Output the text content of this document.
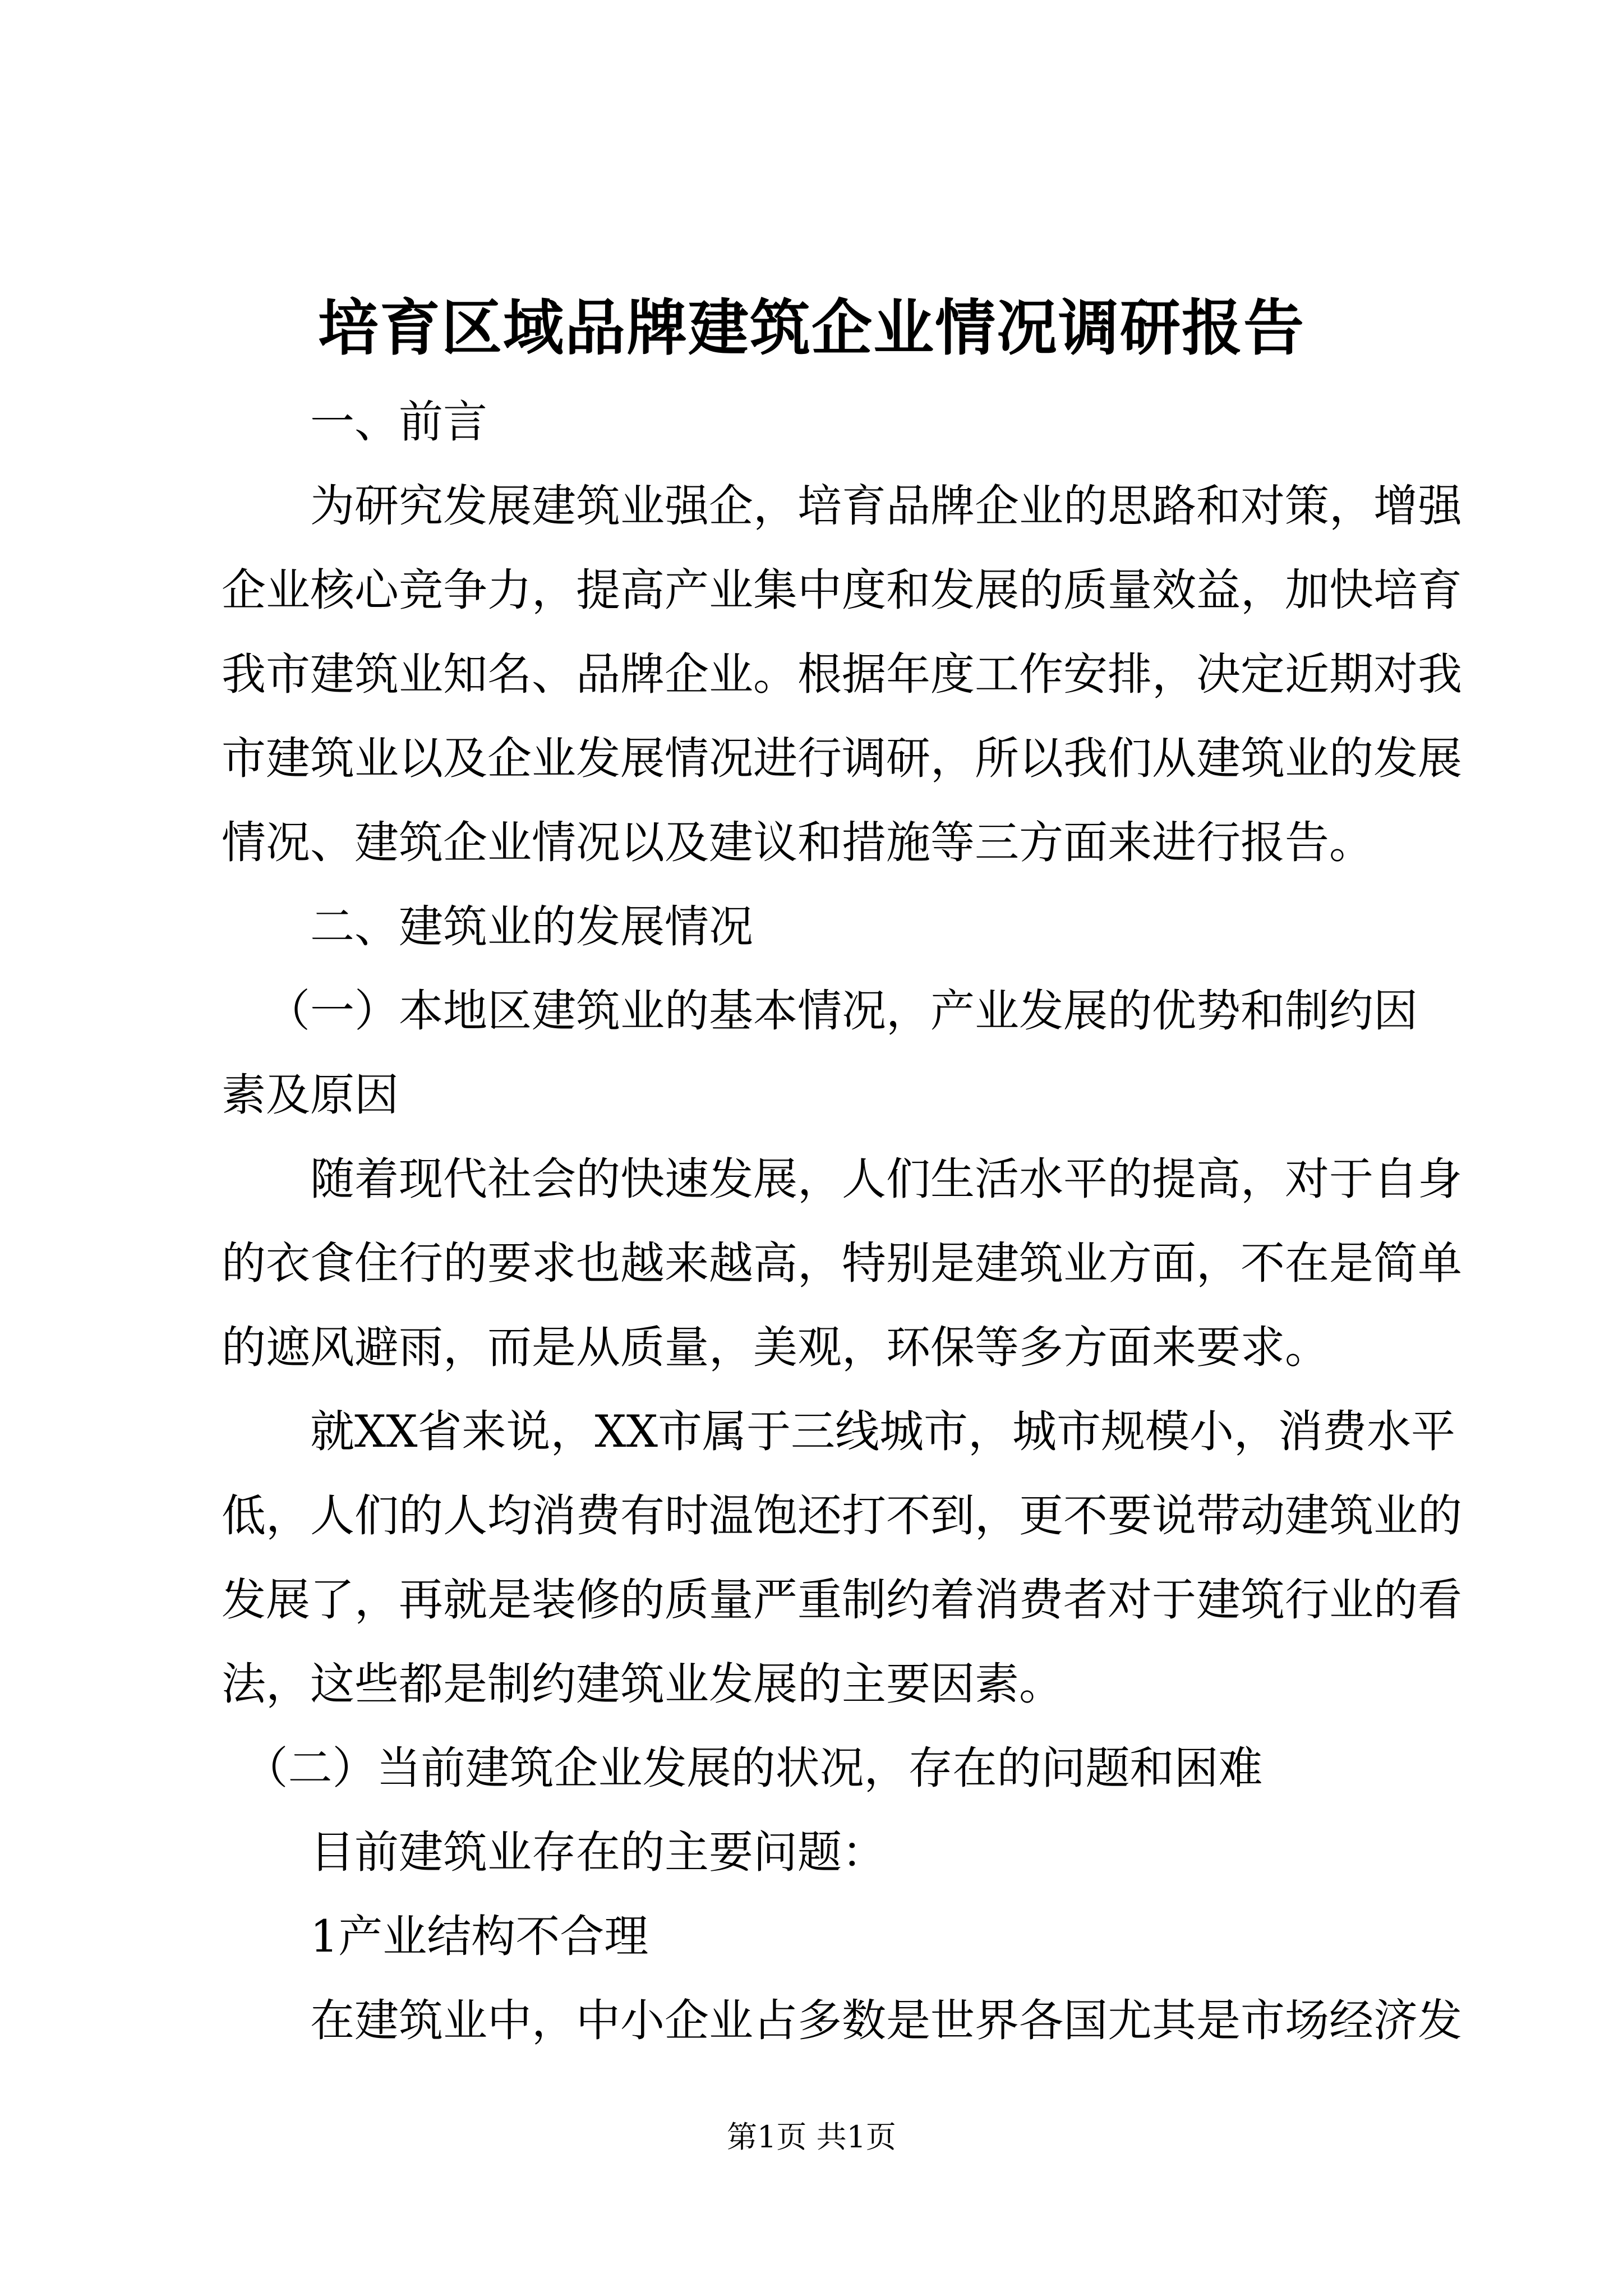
培育区域品牌建筑企业情况调研报告
　　一、前言

为 研 究 发 展 建 筑 业 强 企 ， 培 育 品 牌 企 业 的 思 路 和 对 策 ， 增 强
企 业 核 心 竞 争 力 ， 提 高 产 业 集 中 度 和 发 展 的 质 量 效 益 ， 加 快 培 育
我 市 建 筑 业 知 名 、 品 牌 企 业 。 根 据 年 度 工 作 安 排 ， 决 定 近 期 对 我
市 建 筑 业 以 及 企 业 发 展 情 况 进 行 调 研 ， 所 以 我 们 从 建 筑 业 的 发 展
情况、建筑企业情况以及建议和措施等三方面来进行报告。
　　二、建筑业的发展情况

（ 一 ） 本 地 区 建 筑 业 的 基 本 情 况 ， 产 业 发 展 的 优 势 和 制 约 因
素及原因

随 着 现 代 社 会 的 快 速 发 展 ， 人 们 生 活 水 平 的 提 高 ， 对 于 自 身
的 衣 食 住 行 的 要 求 也 越 来 越 高 ， 特 别 是 建 筑 业 方 面 ， 不 在 是 简 单
的遮风避雨，而是从质量，美观，环保等多方面来要求。

就 X X 省 来 说 ， X X 市 属 于 三 线 城 市 ， 城 市 规 模 小 ， 消 费 水 平
低 ， 人 们 的 人 均 消 费 有 时 温 饱 还 打 不 到 ， 更 不 要 说 带 动 建 筑 业 的
发 展 了 ， 再 就 是 装 修 的 质 量 严 重 制 约 着 消 费 者 对 于 建 筑 行 业 的 看
法，这些都是制约建筑业发展的主要因素。
　（二）当前建筑企业发展的状况，存在的问题和困难
　　目前建筑业存在的主要问题：
　　1产业结构不合理

在 建 筑 业 中 ， 中 小 企 业 占 多 数 是 世 界 各 国 尤 其 是 市 场 经 济 发
第1页 共1页
